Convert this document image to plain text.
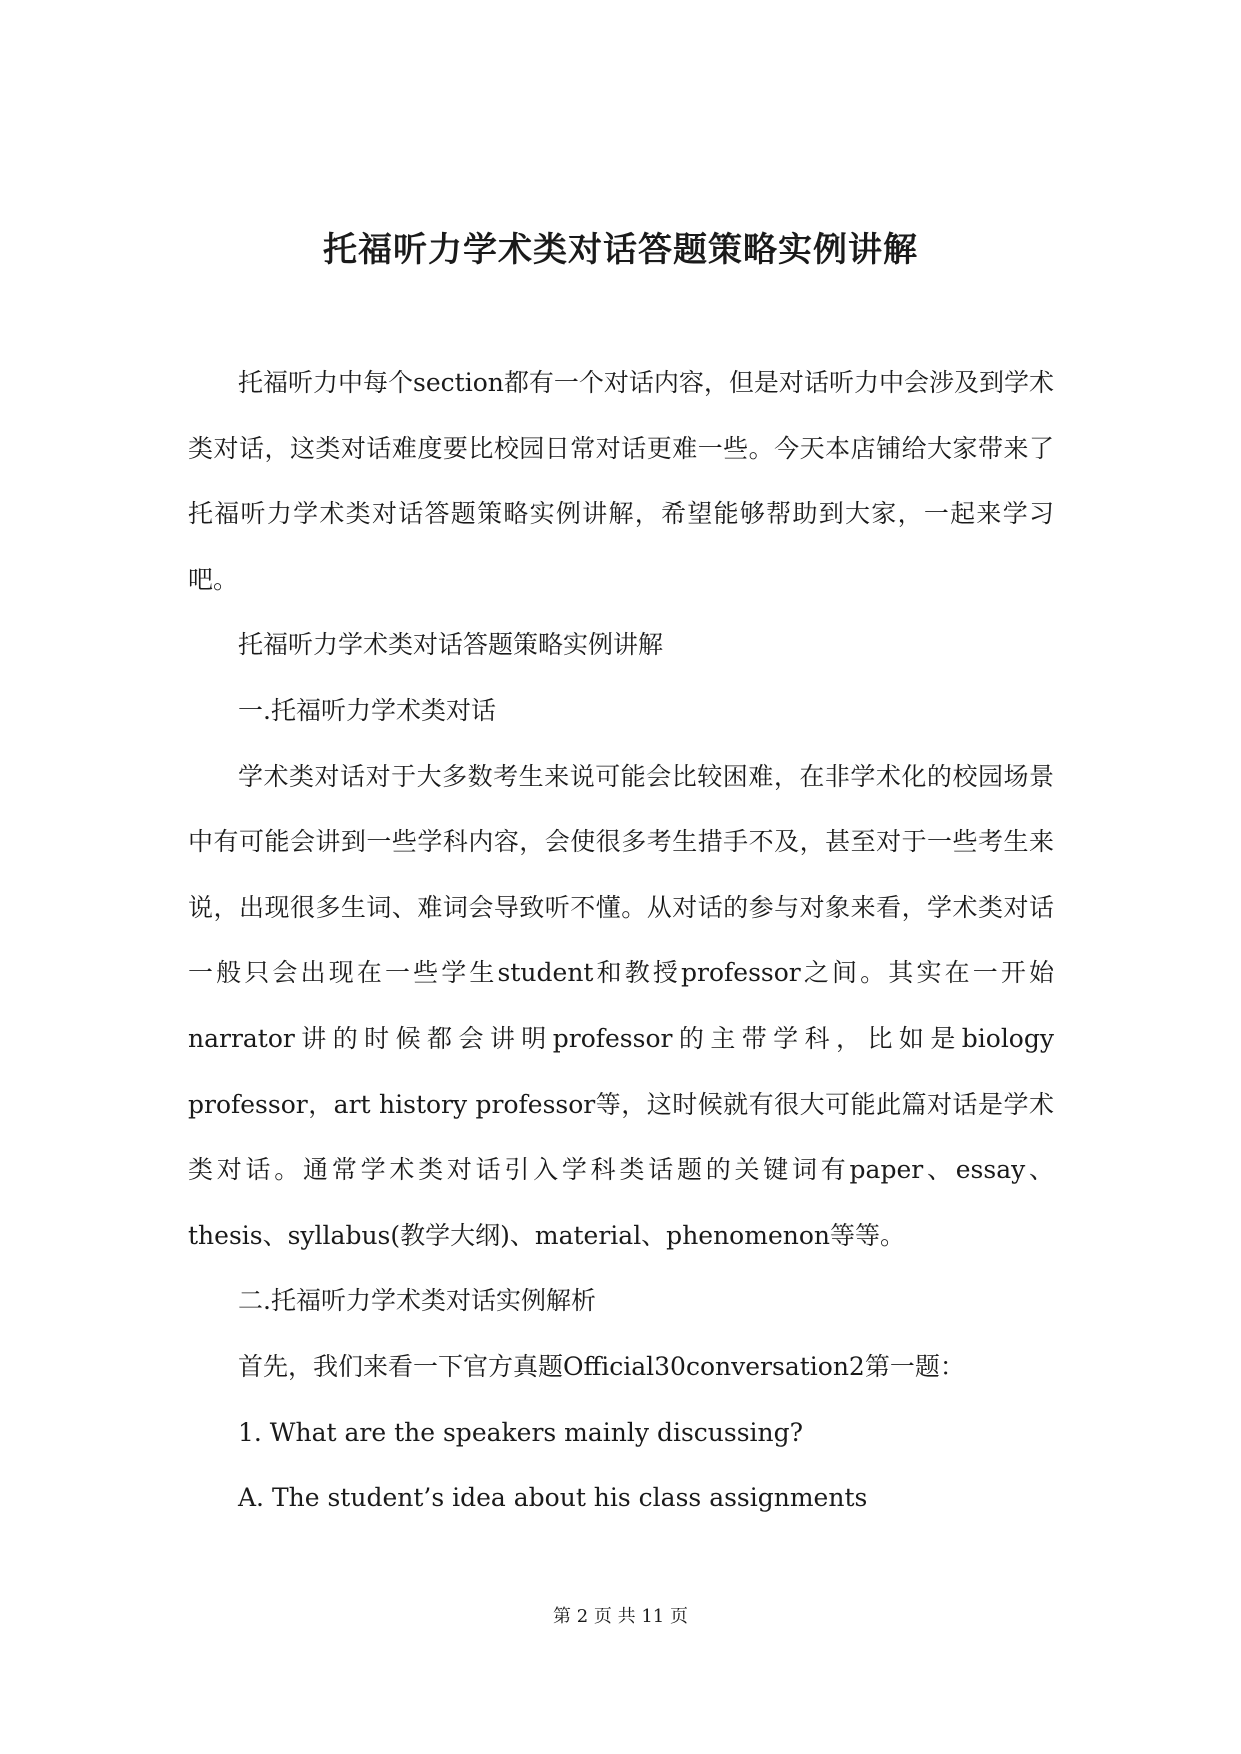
托福听力学术类对话答题策略实例讲解

托福听力中每个section都有一个对话内容，但是对话听力中会涉及到学术类对话，这类对话难度要比校园日常对话更难一些。今天本店铺给大家带来了托福听力学术类对话答题策略实例讲解，希望能够帮助到大家，一起来学习吧。

托福听力学术类对话答题策略实例讲解

一.托福听力学术类对话

学术类对话对于大多数考生来说可能会比较困难，在非学术化的校园场景中有可能会讲到一些学科内容，会使很多考生措手不及，甚至对于一些考生来说，出现很多生词、难词会导致听不懂。从对话的参与对象来看，学术类对话一般只会出现在一些学生student和教授professor之间。其实在一开始narrator讲的时候都会讲明professor的主带学科，比如是biology professor，art history professor等，这时候就有很大可能此篇对话是学术类对话。通常学术类对话引入学科类话题的关键词有paper、essay、 thesis、syllabus(教学大纲)、material、phenomenon等等。

二.托福听力学术类对话实例解析

首先，我们来看一下官方真题Official30conversation2第一题：

1. What are the speakers mainly discussing?

A. The student’s idea about his class assignments

第 2 页 共 11 页
